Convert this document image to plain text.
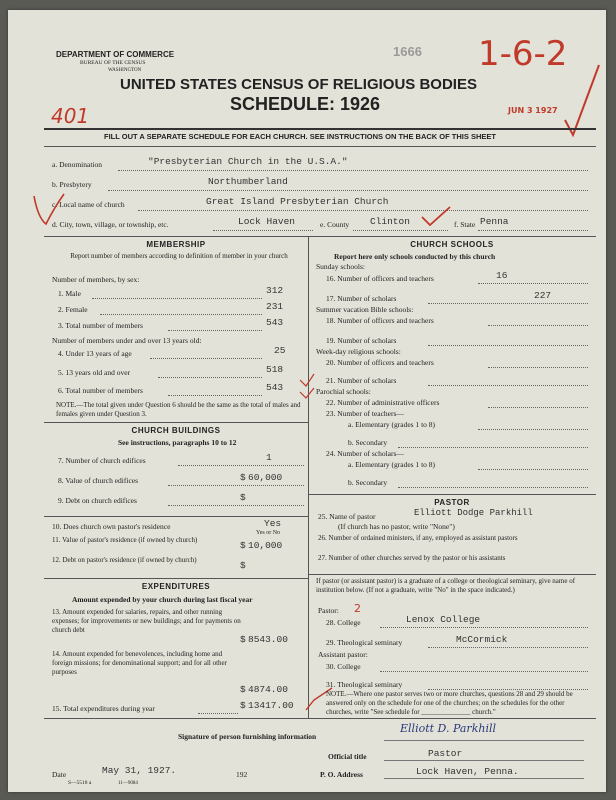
DEPARTMENT OF COMMERCE
BUREAU OF THE CENSUS
WASHINGTON
1666 1-6-2
UNITED STATES CENSUS OF RELIGIOUS BODIES
SCHEDULE: 1926
401	JUN 3 1927
FILL OUT A SEPARATE SCHEDULE FOR EACH CHURCH. SEE INSTRUCTIONS ON THE BACK OF THIS SHEET
a. Denomination	"Presbyterian Church in the U.S.A."
b. Presbytery	Northumberland
c. Local name of church	Great Island Presbyterian Church
d. City, town, village, or township, etc.	Lock Haven	e. County Clinton	f. State Penna
MEMBERSHIP
Report number of members according to definition of member in your church
Number of members, by sex:
1. Male	312
2. Female	231
3. Total number of members	543
Number of members under and over 13 years old:
4. Under 13 years of age	25
5. 13 years old and over	518
6. Total number of members	543
NOTE.—The total given under Question 6 should be the same as the total of males and females given under Question 3.
CHURCH BUILDINGS
See instructions, paragraphs 10 to 12
7. Number of church edifices	1
8. Value of church edifices	$ 60,000
9. Debt on church edifices	$
10. Does church own pastor's residence	Yes
Yes or No
11. Value of pastor's residence (if owned by church)	$ 10,000
12. Debt on pastor's residence (if owned by church)	$
EXPENDITURES
Amount expended by your church during last fiscal year
13. Amount expended for salaries, repairs, and other running expenses; for improvements or new buildings; and for payments on church debt
$ 8543.00
14. Amount expended for benevolences, including home and foreign missions; for denominational support; and for all other purposes
$ 4874.00
15. Total expenditures during year	$ 13417.00
CHURCH SCHOOLS
Report here only schools conducted by this church
Sunday schools:
16. Number of officers and teachers	16
17. Number of scholars	227
Summer vacation Bible schools:
18. Number of officers and teachers
19. Number of scholars
Week-day religious schools:
20. Number of officers and teachers
21. Number of scholars
Parochial schools:
22. Number of administrative officers
23. Number of teachers—
a. Elementary (grades 1 to 8)
b. Secondary
24. Number of scholars—
a. Elementary (grades 1 to 8)
b. Secondary
PASTOR
25. Name of pastor	Elliott Dodge Parkhill
(If church has no pastor, write "None")
26. Number of ordained ministers, if any, employed as assistant pastors
27. Number of other churches served by the pastor or his assistants
If pastor (or assistant pastor) is a graduate of a college or theological seminary, give name of institution below. (If not a graduate, write "No" in the space indicated.)
Pastor: 2
28. College	Lenox College
29. Theological seminary	McCormick
Assistant pastor:
30. College
31. Theological seminary
NOTE.—Where one pastor serves two or more churches, questions 28 and 29 should be answered only on the schedule for one of the churches; on the schedules for the other churches, write "See schedule for ______________ church."
Signature of person furnishing information
Elliott D. Parkhill
Official title	Pastor
Date	May 31, 1927.	192
S—5518 a	11—9084
P. O. Address	Lock Haven, Penna.
